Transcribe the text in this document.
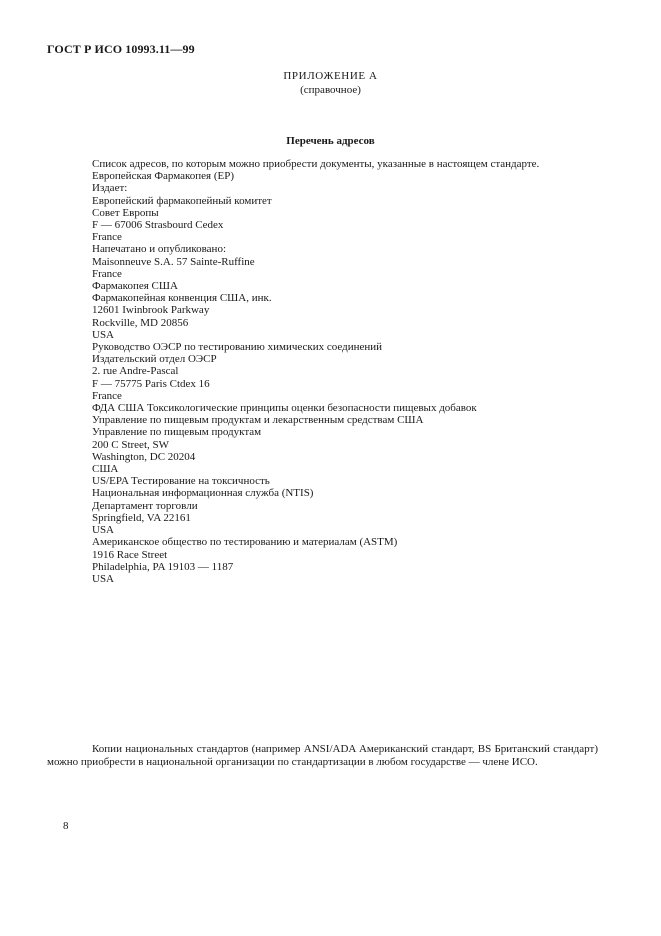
ГОСТ Р ИСО 10993.11—99
ПРИЛОЖЕНИЕ А
(справочное)
Перечень адресов

Список адресов, по которым можно приобрести документы, указанные в настоящем стандарте.

Европейская Фармакопея (ЕР)

Издает:

Европейский фармакопейный комитет
Совет Европы
F — 67006 Strasbourd Cedex
France

Напечатано и опубликовано:

Maisonneuve S.A. 57 Sainte-Ruffine
France

Фармакопея США

Фармакопейная конвенция США, инк.
12601 Iwinbrook Parkway
Rockville, MD 20856
USA

Руководство ОЭСР по тестированию химических соединений
Издательский отдел ОЭСР
2. rue Andre-Pascal
F — 75775 Paris Ctdex 16
France

ФДА США Токсикологические принципы оценки безопасности пищевых добавок
Управление по пищевым продуктам и лекарственным средствам США
Управление по пищевым продуктам
200 С Street, SW
Washington, DC 20204
США

US/EPA Тестирование на токсичность
Национальная информационная служба (NTIS)
Департамент торговли
Springfield, VA 22161
USA

Американское общество по тестированию и материалам (ASTM)
1916 Race Street
Philadelphia, PA 19103 — 1187
USA

Копии национальных стандартов (например ANSI/ADA Американский стандарт, BS Британский стандарт) можно приобрести в национальной организации по стандартизации в любом государстве — члене ИСО.

8
